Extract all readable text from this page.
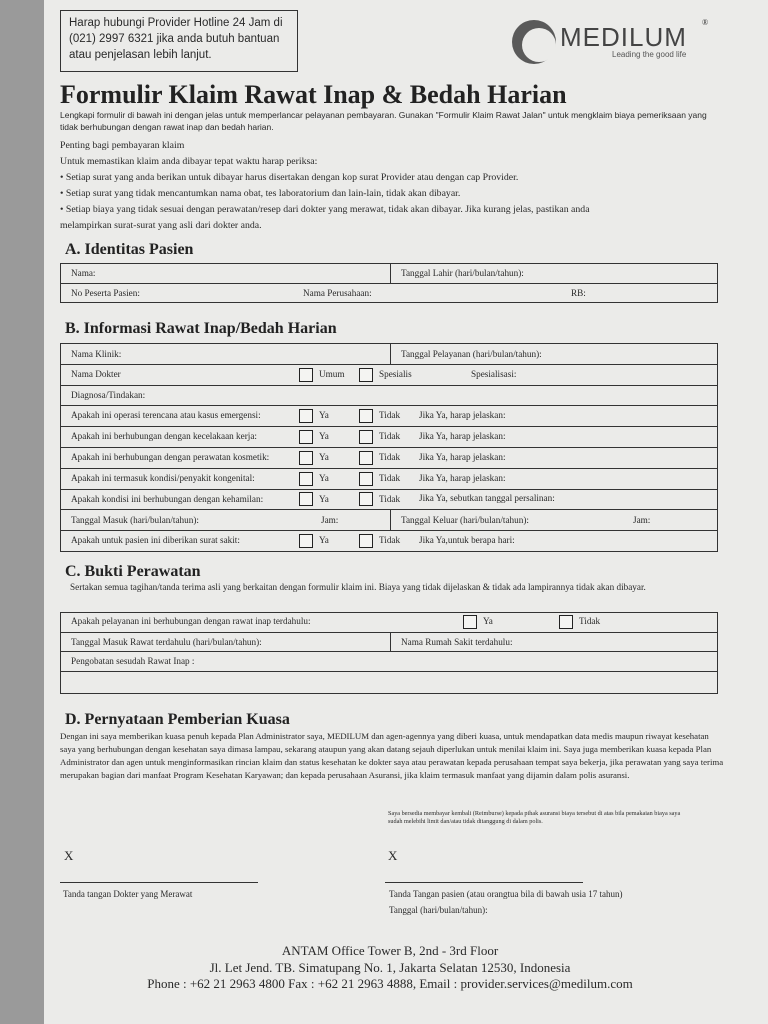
Harap hubungi Provider Hotline 24 Jam di
(021) 2997 6321 jika anda butuh bantuan
atau penjelasan lebih lanjut.
MEDILUM ®
Leading the good life
Formulir Klaim Rawat Inap & Bedah Harian
Lengkapi formulir di bawah ini dengan jelas untuk memperlancar pelayanan pembayaran. Gunakan "Formulir Klaim Rawat Jalan" untuk mengklaim biaya pemeriksaan yang tidak berhubungan dengan rawat inap dan bedah harian.
Penting bagi pembayaran klaim
Untuk memastikan klaim anda dibayar tepat waktu harap periksa:
• Setiap surat yang anda berikan untuk dibayar harus disertakan dengan kop surat Provider atau dengan cap Provider.
• Setiap surat yang tidak mencantumkan nama obat, tes laboratorium dan lain-lain, tidak akan dibayar.
• Setiap biaya yang tidak sesuai dengan perawatan/resep dari dokter yang merawat, tidak akan dibayar. Jika kurang jelas, pastikan anda
melampirkan surat-surat yang asli dari dokter anda.
A. Identitas Pasien
Nama:	Tanggal Lahir (hari/bulan/tahun):
No Peserta Pasien:	Nama Perusahaan:	RB:
B. Informasi Rawat Inap/Bedah Harian
Nama Klinik:	Tanggal Pelayanan (hari/bulan/tahun):
Nama Dokter Umum Spesialis Spesialisasi:	
Diagnosa/Tindakan:	
Apakah ini operasi terencana atau kasus emergensi: Ya Tidak Jika Ya, harap jelaskan:	
Apakah ini berhubungan dengan kecelakaan kerja: Ya Tidak Jika Ya, harap jelaskan:	
Apakah ini berhubungan dengan perawatan kosmetik: Ya Tidak Jika Ya, harap jelaskan:	
Apakah ini termasuk kondisi/penyakit kongenital: Ya Tidak Jika Ya, harap jelaskan:	
Apakah kondisi ini berhubungan dengan kehamilan: Ya Tidak Jika Ya, sebutkan tanggal persalinan:	
Tanggal Masuk (hari/bulan/tahun): Jam:	Tanggal Keluar (hari/bulan/tahun): Jam:
Apakah untuk pasien ini diberikan surat sakit: Ya Tidak Jika Ya,untuk berapa hari:	
C. Bukti Perawatan
Sertakan semua tagihan/tanda terima asli yang berkaitan dengan formulir klaim ini. Biaya yang tidak dijelaskan & tidak ada lampirannya tidak akan dibayar.
Apakah pelayanan ini berhubungan dengan rawat inap terdahulu:	Ya	Tidak
Tanggal Masuk Rawat terdahulu (hari/bulan/tahun):	Nama Rumah Sakit terdahulu:
Pengobatan sesudah Rawat Inap :

D. Pernyataan Pemberian Kuasa
Dengan ini saya memberikan kuasa penuh kepada Plan Administrator saya, MEDILUM dan agen-agennya yang diberi kuasa, untuk mendapatkan data medis maupun riwayat kesehatan saya yang berhubungan dengan kesehatan saya dimasa lampau, sekarang ataupun yang akan datang sejauh diperlukan untuk menilai klaim ini. Saya juga memberikan kuasa kepada Plan Administrator dan agen untuk menginformasikan rincian klaim dan status kesehatan ke dokter saya atau perawatan kepada perusahaan tempat saya bekerja, jika perawatan yang saya terima merupakan bagian dari manfaat Program Kesehatan Karyawan; dan kepada perusahaan Asuransi, jika klaim termasuk manfaat yang dijamin dalam polis asuransi.
Saya bersedia membayar kembali (Reimburse) kepada pihak asuransi biaya tersebut di atas bila pemakaian biaya saya sudah melebihi limit dan/atau tidak ditanggung di dalam polis.
X
Tanda tangan Dokter yang Merawat
X
Tanda Tangan pasien (atau orangtua bila di bawah usia 17 tahun)
Tanggal (hari/bulan/tahun):
ANTAM Office Tower B, 2nd - 3rd Floor
Jl. Let Jend. TB. Simatupang No. 1, Jakarta Selatan 12530, Indonesia
Phone : +62 21 2963 4800 Fax : +62 21 2963 4888, Email : provider.services@medilum.com
